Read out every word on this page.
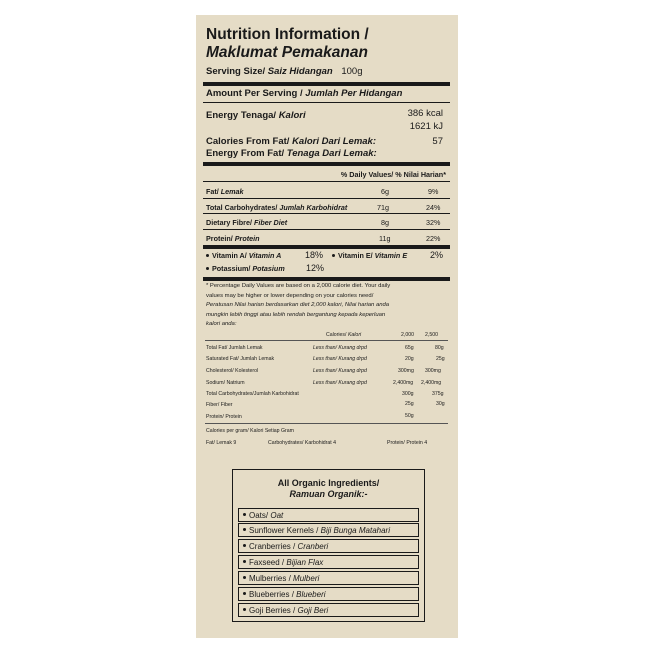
Nutrition Information /
Maklumat Pemakanan
Serving Size/ Saiz Hidangan 100g
Amount Per Serving / Jumlah Per Hidangan
Energy Tenaga/ Kalori	386 kcal
1621 kJ
Calories From Fat/ Kalori Dari Lemak:	57
Energy From Fat/ Tenaga Dari Lemak:
% Daily Values/ % Nilai Harian*
Fat/ Lemak	6g	9%
Total Carbohydrates/ Jumlah Karbohidrat	71g	24%
Dietary Fibre/ Fiber Diet	8g	32%
Protein/ Protein	11g	22%
Vitamin A/ Vitamin A	18%	Vitamin E/ Vitamin E	2%
Potassium/ Potasium 12%
* Percentage Daily Values are based on a 2,000 calorie diet. Your daily
values may be higher or lower depending on your calories need/
Peratusan Nilai harian berdasarkan diet 2,000 kalori, Nilai harian anda
mungkin lebih tinggi atau lebih rendah bergantung kepada keperluan
kalori anda:
Calories/ Kalori	2,000 2,500
Total Fat/ Jumlah Lemak	Less than/ Kurang drpd	65g	80g
Saturated Fat/ Jumlah Lemak	Less than/ Kurang drpd	20g	25g
Cholesterol/ Kolesterol	Less than/ Kurang drpd	300mg 300mg
Sodium/ Natrium	Less than/ Kurang drpd	2,400mg 2,400mg
Total Carbohydrates/Jumlah Karbohidrat	300g	375g
Fiber/ Fiber	25g	30g
Protein/ Protein	50g
Calories per gram/ Kalori Setiap Gram
Fat/ Lemak 9	Carbohydrates/ Karbohidrat 4	Protein/ Protein 4
All Organic Ingredients/
Ramuan Organik:-
Oats/ Oat
Sunflower Kernels / Biji Bunga Matahari
Cranberries / Cranberi
Faxseed / Bijian Flax
Mulberries / Mulberi
Blueberries / Blueberi
Goji Berries / Goji Beri
